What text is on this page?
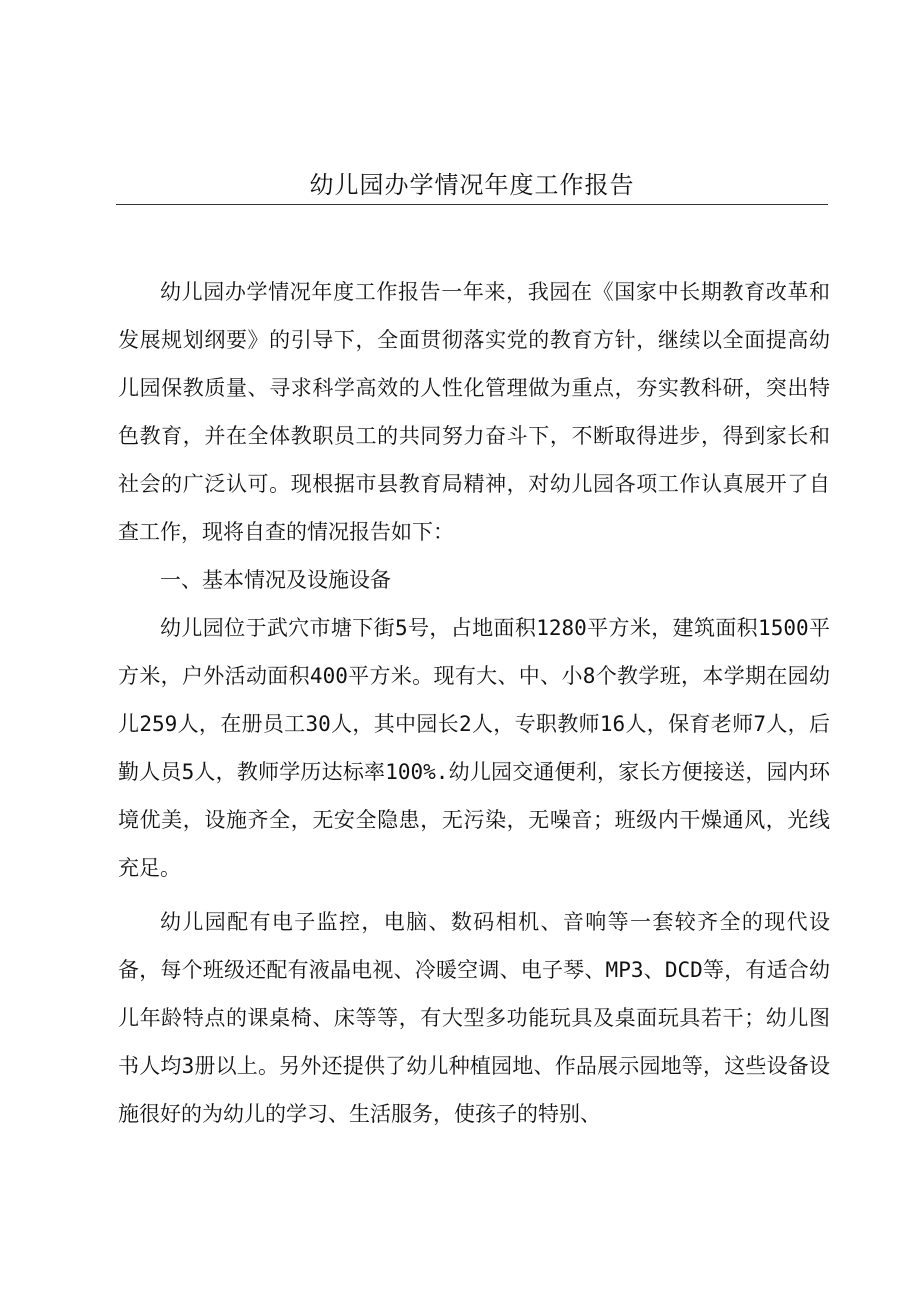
幼儿园办学情况年度工作报告

幼儿园办学情况年度工作报告一年来，我园在《国家中长期教育改革和发展规划纲要》的引导下，全面贯彻落实党的教育方针，继续以全面提高幼儿园保教质量、寻求科学高效的人性化管理做为重点，夯实教科研，突出特色教育，并在全体教职员工的共同努力奋斗下，不断取得进步，得到家长和社会的广泛认可。现根据市县教育局精神，对幼儿园各项工作认真展开了自查工作，现将自查的情况报告如下：

一、基本情况及设施设备

幼儿园位于武穴市塘下街5号，占地面积1280平方米，建筑面积1500平方米，户外活动面积400平方米。现有大、中、小8个教学班，本学期在园幼儿259人，在册员工30人，其中园长2人，专职教师16人，保育老师7人，后勤人员5人，教师学历达标率100%.幼儿园交通便利，家长方便接送，园内环境优美，设施齐全，无安全隐患，无污染，无噪音；班级内干燥通风，光线充足。

幼儿园配有电子监控，电脑、数码相机、音响等一套较齐全的现代设备，每个班级还配有液晶电视、冷暖空调、电子琴、MP3、DCD等，有适合幼儿年龄特点的课桌椅、床等等，有大型多功能玩具及桌面玩具若干；幼儿图书人均3册以上。另外还提供了幼儿种植园地、作品展示园地等，这些设备设施很好的为幼儿的学习、生活服务，使孩子的特别、
